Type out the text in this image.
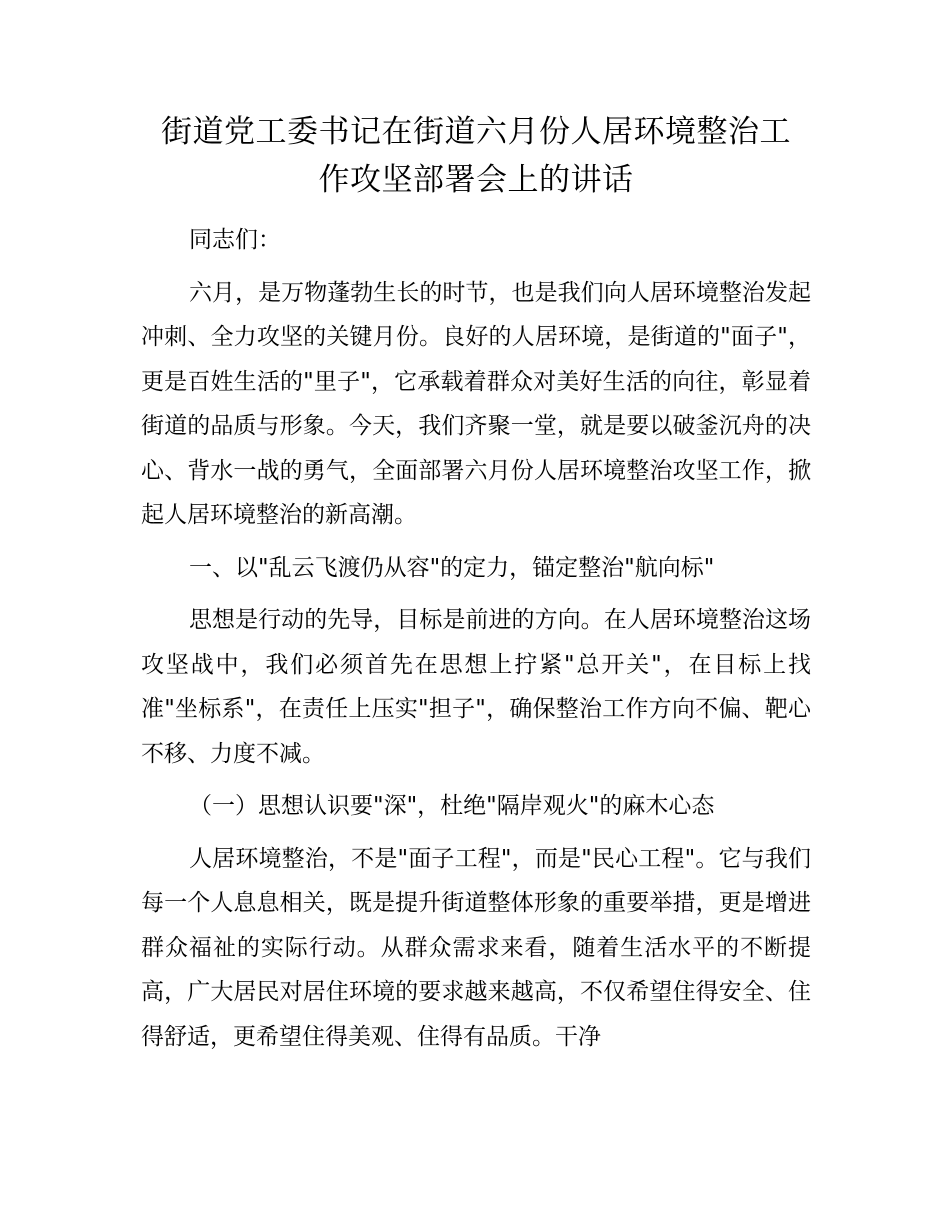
街道党工委书记在街道六月份人居环境整治工
作攻坚部署会上的讲话

同志们：

六月，是万物蓬勃生长的时节，也是我们向人居环境整治发起冲刺、全力攻坚的关键月份。良好的人居环境，是街道的"面子"，更是百姓生活的"里子"，它承载着群众对美好生活的向往，彰显着街道的品质与形象。今天，我们齐聚一堂，就是要以破釜沉舟的决心、背水一战的勇气，全面部署六月份人居环境整治攻坚工作，掀起人居环境整治的新高潮。

一、以"乱云飞渡仍从容"的定力，锚定整治"航向标"

思想是行动的先导，目标是前进的方向。在人居环境整治这场攻坚战中，我们必须首先在思想上拧紧"总开关"，在目标上找准"坐标系"，在责任上压实"担子"，确保整治工作方向不偏、靶心不移、力度不减。

（一）思想认识要"深"，杜绝"隔岸观火"的麻木心态

人居环境整治，不是"面子工程"，而是"民心工程"。它与我们每一个人息息相关，既是提升街道整体形象的重要举措，更是增进群众福祉的实际行动。从群众需求来看，随着生活水平的不断提高，广大居民对居住环境的要求越来越高，不仅希望住得安全、住得舒适，更希望住得美观、住得有品质。干净
